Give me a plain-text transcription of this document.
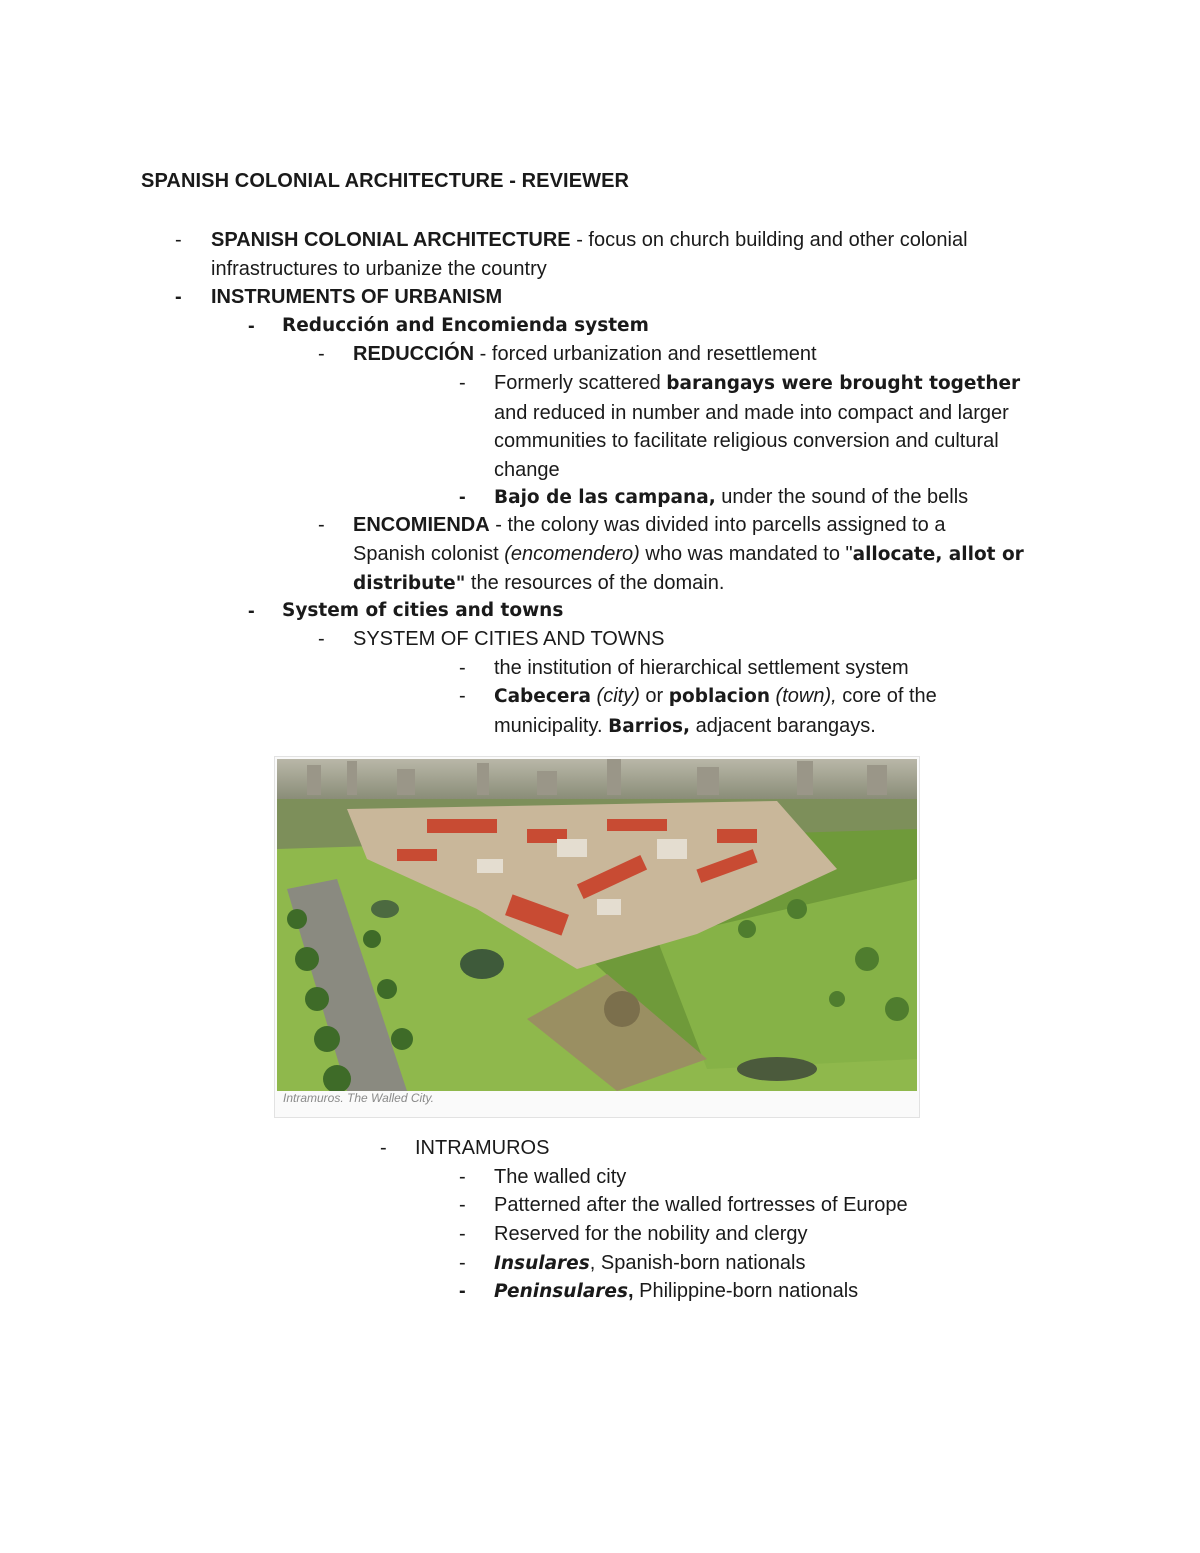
SPANISH COLONIAL ARCHITECTURE - REVIEWER
- SPANISH COLONIAL ARCHITECTURE - focus on church building and other colonial
infrastructures to urbanize the country
- INSTRUMENTS OF URBANISM
- Reducción and Encomienda system
- REDUCCIÓN - forced urbanization and resettlement
- Formerly scattered barangays were brought together
and reduced in number and made into compact and larger
communities to facilitate religious conversion and cultural
change
- Bajo de las campana, under the sound of the bells
- ENCOMIENDA - the colony was divided into parcells assigned to a
Spanish colonist (encomendero) who was mandated to "allocate, allot or
distribute" the resources of the domain.
- System of cities and towns
- SYSTEM OF CITIES AND TOWNS
- the institution of hierarchical settlement system
- Cabecera (city) or poblacion (town), core of the
municipality. Barrios, adjacent barangays.
Intramuros. The Walled City.
- INTRAMUROS
- The walled city
- Patterned after the walled fortresses of Europe
- Reserved for the nobility and clergy
- Insulares, Spanish-born nationals
- Peninsulares, Philippine-born nationals
